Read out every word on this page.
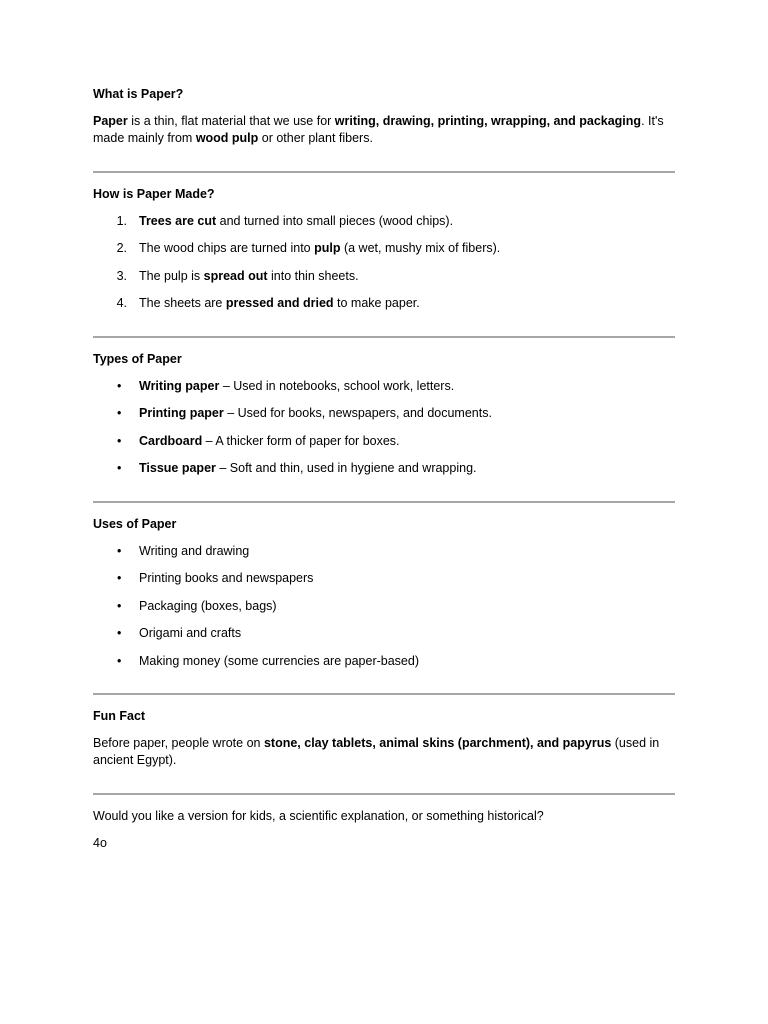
What is Paper?

Paper is a thin, flat material that we use for writing, drawing, printing, wrapping, and packaging. It's made mainly from wood pulp or other plant fibers.

How is Paper Made?
1. Trees are cut and turned into small pieces (wood chips).
2. The wood chips are turned into pulp (a wet, mushy mix of fibers).
3. The pulp is spread out into thin sheets.
4. The sheets are pressed and dried to make paper.
Types of Paper
•	Writing paper – Used in notebooks, school work, letters.
•	Printing paper – Used for books, newspapers, and documents.
•	Cardboard – A thicker form of paper for boxes.
•	Tissue paper – Soft and thin, used in hygiene and wrapping.
Uses of Paper
•	Writing and drawing
•	Printing books and newspapers
•	Packaging (boxes, bags)
•	Origami and crafts
•	Making money (some currencies are paper-based)
Fun Fact

Before paper, people wrote on stone, clay tablets, animal skins (parchment), and papyrus (used in ancient Egypt).

Would you like a version for kids, a scientific explanation, or something historical?

4o
